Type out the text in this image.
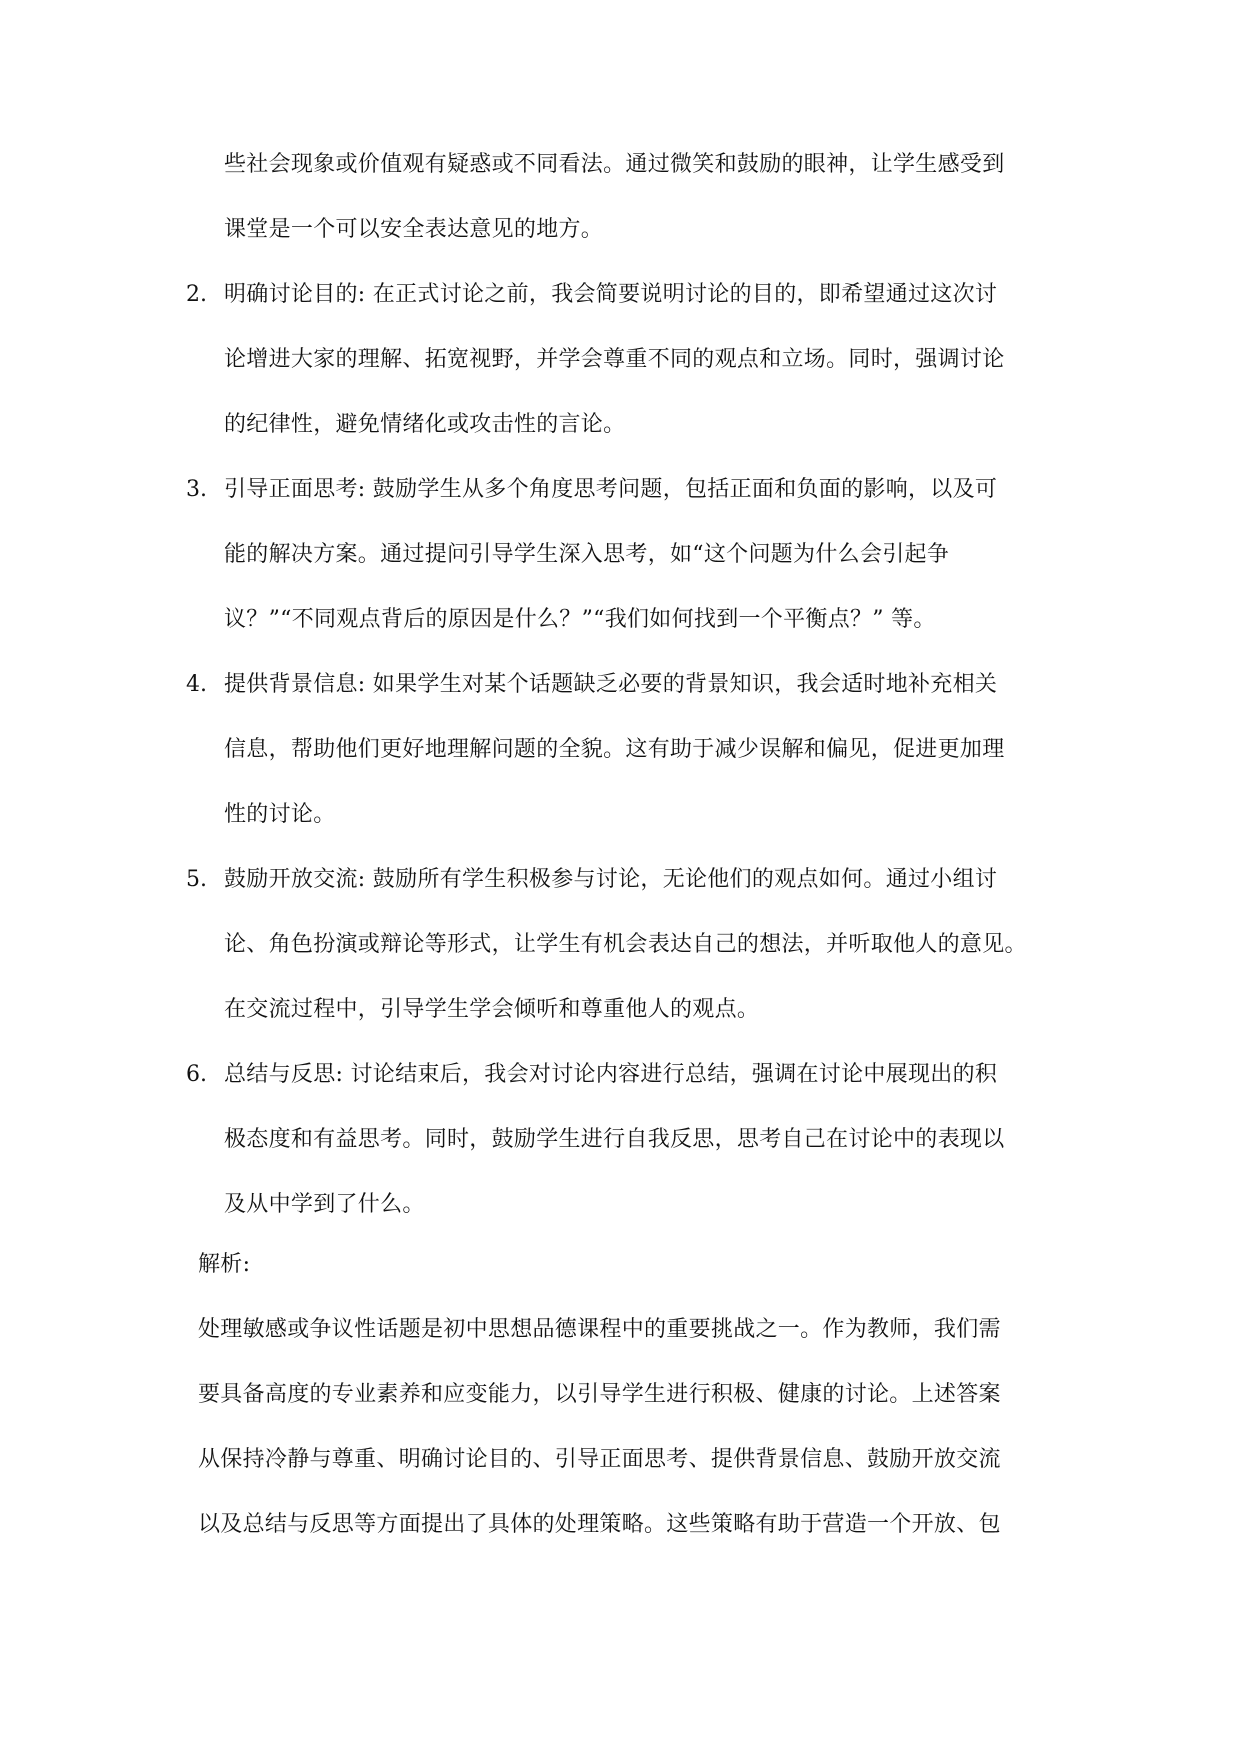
些社会现象或价值观有疑惑或不同看法。通过微笑和鼓励的眼神，让学生感受到
课堂是一个可以安全表达意见的地方。
2. 明确讨论目的: 在正式讨论之前，我会简要说明讨论的目的，即希望通过这次讨
论增进大家的理解、拓宽视野，并学会尊重不同的观点和立场。同时，强调讨论
的纪律性，避免情绪化或攻击性的言论。
3. 引导正面思考: 鼓励学生从多个角度思考问题，包括正面和负面的影响，以及可
能的解决方案。通过提问引导学生深入思考，如“这个问题为什么会引起争
议？”“不同观点背后的原因是什么？”“我们如何找到一个平衡点？” 等。
4. 提供背景信息: 如果学生对某个话题缺乏必要的背景知识，我会适时地补充相关
信息，帮助他们更好地理解问题的全貌。这有助于减少误解和偏见，促进更加理
性的讨论。
5. 鼓励开放交流: 鼓励所有学生积极参与讨论，无论他们的观点如何。通过小组讨
论、角色扮演或辩论等形式，让学生有机会表达自己的想法，并听取他人的意见。
在交流过程中，引导学生学会倾听和尊重他人的观点。
6. 总结与反思: 讨论结束后，我会对讨论内容进行总结，强调在讨论中展现出的积
极态度和有益思考。同时，鼓励学生进行自我反思，思考自己在讨论中的表现以
及从中学到了什么。
解析:
处理敏感或争议性话题是初中思想品德课程中的重要挑战之一。作为教师，我们需
要具备高度的专业素养和应变能力，以引导学生进行积极、健康的讨论。上述答案
从保持冷静与尊重、明确讨论目的、引导正面思考、提供背景信息、鼓励开放交流
以及总结与反思等方面提出了具体的处理策略。这些策略有助于营造一个开放、包
